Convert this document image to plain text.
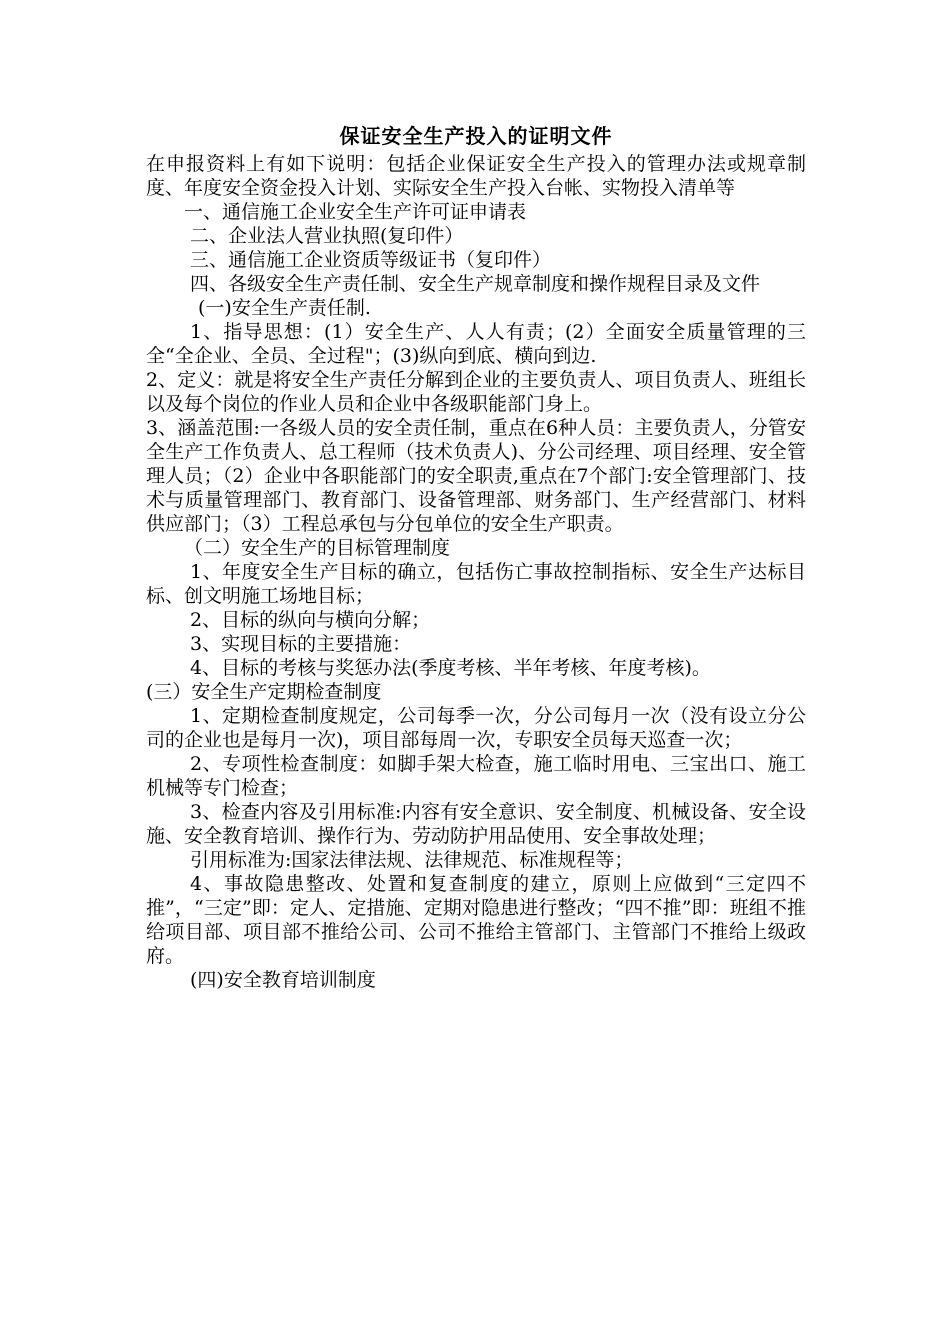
保证安全生产投入的证明文件

在申报资料上有如下说明：包括企业保证安全生产投入的管理办法或规章制度、年度安全资金投入计划、实际安全生产投入台帐、实物投入清单等

一、通信施工企业安全生产许可证申请表

二、企业法人营业执照(复印件）

三、通信施工企业资质等级证书（复印件）

四、各级安全生产责任制、安全生产规章制度和操作规程目录及文件

(一)安全生产责任制.

1、指导思想：(1）安全生产、人人有责；(2）全面安全质量管理的三全“全企业、全员、全过程"；(3)纵向到底、横向到边.

2、定义：就是将安全生产责任分解到企业的主要负责人、项目负责人、班组长以及每个岗位的作业人员和企业中各级职能部门身上。

3、涵盖范围:一各级人员的安全责任制，重点在6种人员：主要负责人，分管安全生产工作负责人、总工程师（技术负责人)、分公司经理、项目经理、安全管理人员；（2）企业中各职能部门的安全职责,重点在7个部门:安全管理部门、技术与质量管理部门、教育部门、设备管理部、财务部门、生产经营部门、材料供应部门；（3）工程总承包与分包单位的安全生产职责。

（二）安全生产的目标管理制度

1、年度安全生产目标的确立，包括伤亡事故控制指标、安全生产达标目标、创文明施工场地目标；

2、目标的纵向与横向分解；

3、实现目标的主要措施：

4、目标的考核与奖惩办法(季度考核、半年考核、年度考核)。

(三）安全生产定期检查制度

1、定期检查制度规定，公司每季一次，分公司每月一次（没有设立分公司的企业也是每月一次)，项目部每周一次，专职安全员每天巡查一次；

2、专项性检查制度：如脚手架大检查，施工临时用电、三宝出口、施工机械等专门检查；

3、检查内容及引用标准:内容有安全意识、安全制度、机械设备、安全设施、安全教育培训、操作行为、劳动防护用品使用、安全事故处理；

引用标准为:国家法律法规、法律规范、标准规程等；

4、事故隐患整改、处置和复查制度的建立，原则上应做到“三定四不推”，“三定”即：定人、定措施、定期对隐患进行整改；“四不推”即：班组不推给项目部、项目部不推给公司、公司不推给主管部门、主管部门不推给上级政府。

(四)安全教育培训制度
